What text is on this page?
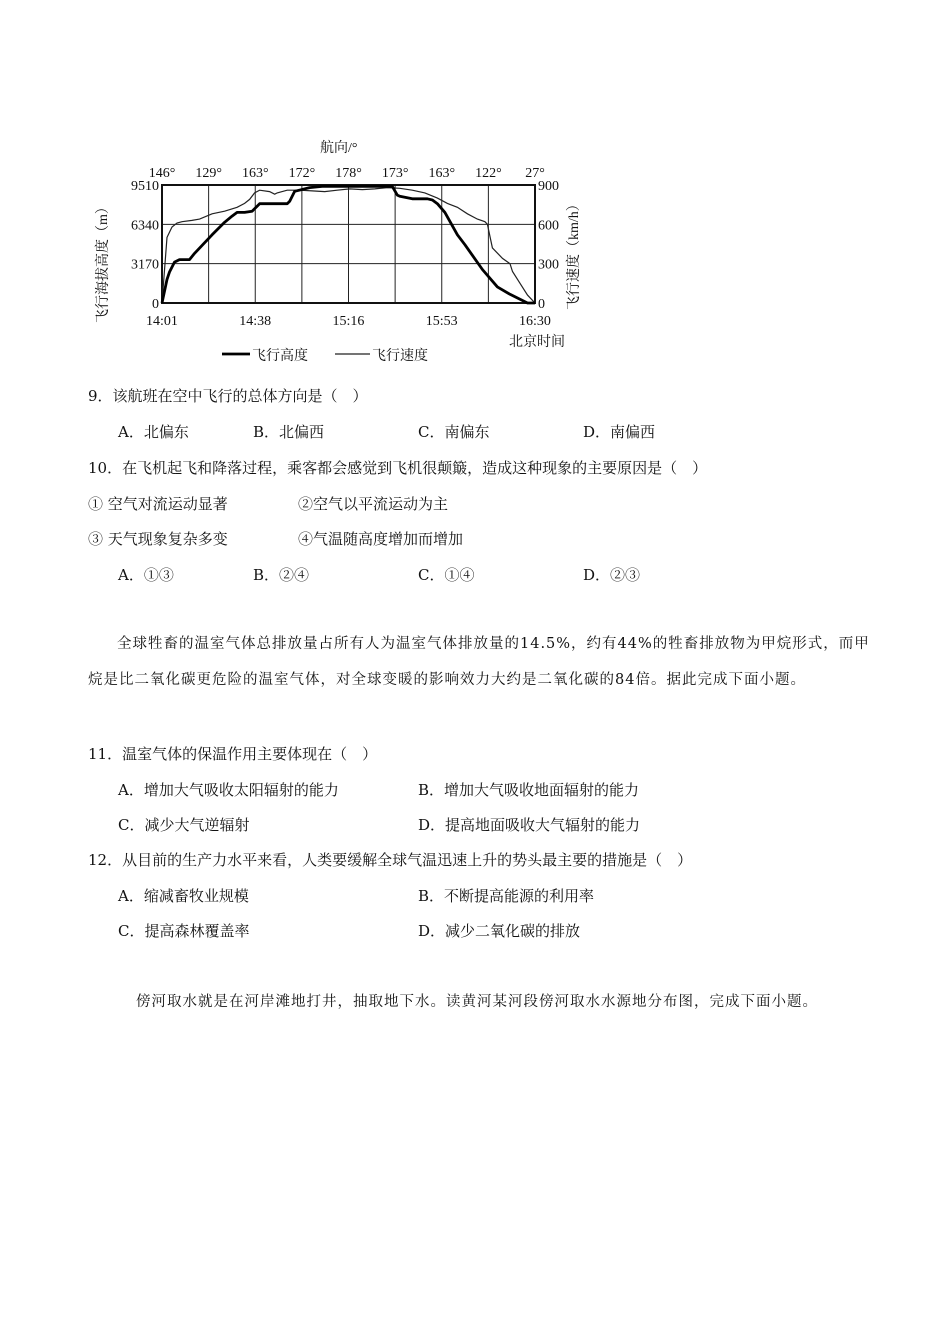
航向/°
146° 129° 163° 172° 178° 173° 163° 122° 27°
9510
6340
3170
0
900
600
300
0
14:01	14:38	15:16	15:53	16:30
飞行海拔高度（m）	飞行速度（km/h）
北京时间
飞行高度	飞行速度
9．该航班在空中飞行的总体方向是（　）
A．北偏东	B．北偏西	C．南偏东	D．南偏西
10．在飞机起飞和降落过程，乘客都会感觉到飞机很颠簸，造成这种现象的主要原因是（　）
① 空气对流运动显著	②空气以平流运动为主
③ 天气现象复杂多变	④气温随高度增加而增加
A．①③	B．②④	C．①④	D．②③
全球牲畜的温室气体总排放量占所有人为温室气体排放量的14.5%，约有44%的牲畜排放物为甲烷形式，而甲烷是比二氧化碳更危险的温室气体，对全球变暖的影响效力大约是二氧化碳的84倍。据此完成下面小题。
11．温室气体的保温作用主要体现在（　）
A．增加大气吸收太阳辐射的能力	B．增加大气吸收地面辐射的能力
C．减少大气逆辐射	D．提高地面吸收大气辐射的能力
12．从目前的生产力水平来看，人类要缓解全球气温迅速上升的势头最主要的措施是（　）
A．缩减畜牧业规模	B．不断提高能源的利用率
C．提高森林覆盖率	D．减少二氧化碳的排放
傍河取水就是在河岸滩地打井，抽取地下水。读黄河某河段傍河取水水源地分布图，完成下面小题。
